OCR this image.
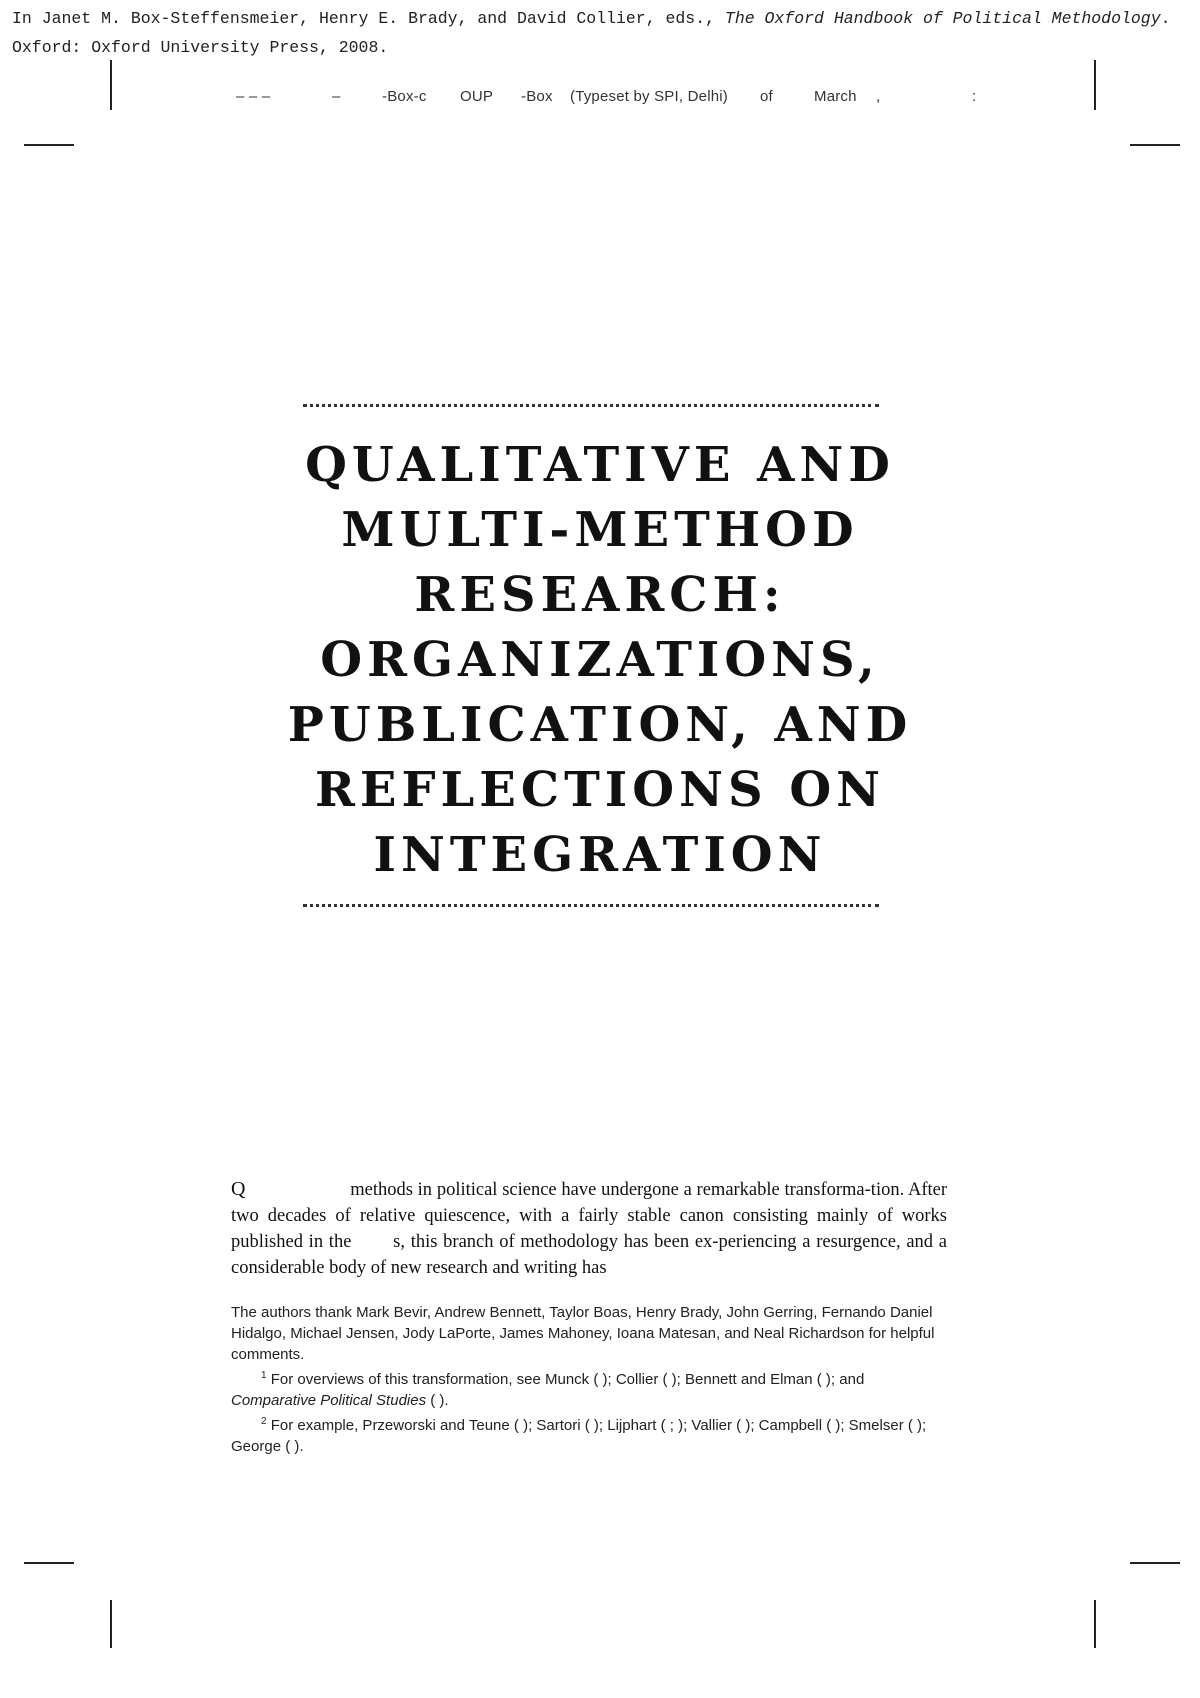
In Janet M. Box-Steffensmeier, Henry E. Brady, and David Collier, eds., The Oxford Handbook of Political Methodology. Oxford: Oxford University Press, 2008.
– – –	–	-Box-c OUP -Box (Typeset by SPI, Delhi) of	March ,	:
QUALITATIVE AND
MULTI-METHOD
RESEARCH:
ORGANIZATIONS,
PUBLICATION, AND
REFLECTIONS ON
INTEGRATION

Q	methods in political science have undergone a remarkable transforma-tion. After two decades of relative quiescence, with a fairly stable canon consisting mainly of works published in the s, this branch of methodology has been ex-periencing a resurgence, and a considerable body of new research and writing has

The authors thank Mark Bevir, Andrew Bennett, Taylor Boas, Henry Brady, John Gerring, Fernando Daniel Hidalgo, Michael Jensen, Jody LaPorte, James Mahoney, Ioana Matesan, and Neal Richardson for helpful comments.

$^1$ For overviews of this transformation, see Munck ( ); Collier ( ); Bennett and Elman ( ); and Comparative Political Studies ( ).

$^2$ For example, Przeworski and Teune ( ); Sartori ( ); Lijphart ( ; ); Vallier ( ); Campbell ( ); Smelser ( ); George ( ).
